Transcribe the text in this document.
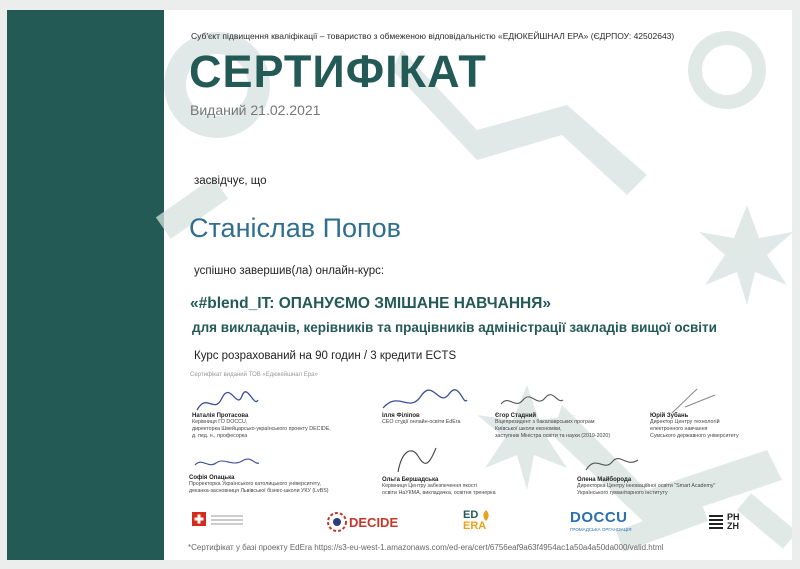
Суб'єкт підвищення кваліфікації – товариство з обмеженою відповідальністю «ЕДЮКЕЙШНАЛ ЕРА» (ЄДРПОУ: 42502643)
СЕРТИФІКАТ
Виданий 21.02.2021
засвідчує, що
Станіслав Попов
успішно завершив(ла) онлайн-курс:
«#blend_IT: ОПАНУЄМО ЗМІШАНЕ НАВЧАННЯ»
для викладачів, керівників та працівників адміністрації закладів вищої освіти
Курс розрахований на 90 годин / 3 кредити ECTS
Сертифікат виданий ТОВ «Едюкейшнал Ера»
Наталія Протасова
Керівниця ГО DOCCU,
директорка Швейцарсько-українського проекту DECIDE,
д. пед. н., професорка
Ілля Філіпов
CEO студії онлайн-освіти EdEra
Єгор Стадний
Віцепрезидент з бакалаврських програм
Київської школи економіки,
заступник Міністра освіти та науки (2019-2020)
Юрій Зубань
Директор Центру технологій
електронного навчання
Сумського державного університету
Софія Опацька
Проректорка Українського католицького університету,
деканка-засновниця Львівської бізнес-школи УКУ (LvBS)
Ольга Бершадська
Керівниця Центру забезпечення якості
освіти НаУКМА, викладачка, освітня тренерка
Олена Майборода
Директорка Центру інноваційної освіти "Smart Academy"
Українського гуманітарного інституту
DECIDE	ED
ERA	DOCCU
ГРОМАДСЬКА ОРГАНІЗАЦІЯ
PH
ZH
*Сертифікат у базі проекту EdEra https://s3-eu-west-1.amazonaws.com/ed-era/cert/6756eaf9a63f4954ac1a50a4a50da000/valid.html
